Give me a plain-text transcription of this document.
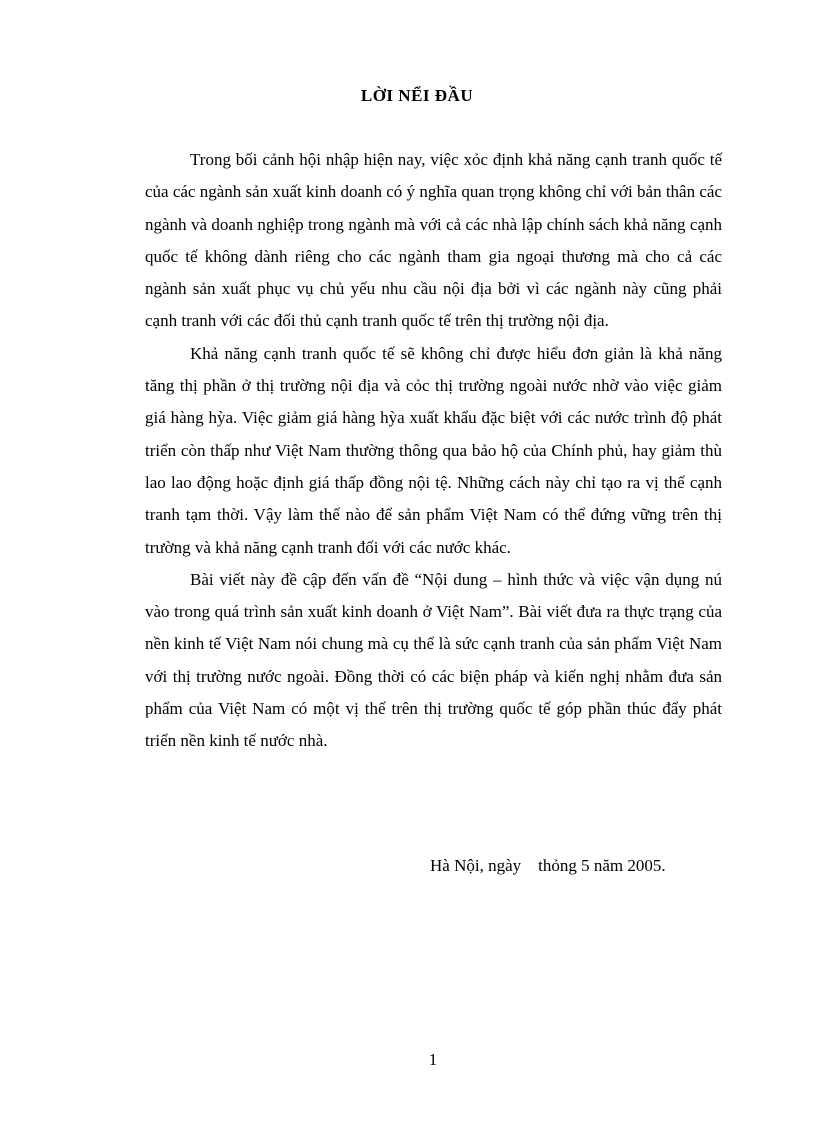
LỜI NỂI ĐẦU

Trong bối cảnh hội nhập hiện nay, việc xỏc định khả năng cạnh tranh quốc tế của các ngành sản xuất kinh doanh có ý nghĩa quan trọng không chỉ với bản thân các ngành và doanh nghiệp trong ngành mà với cả các nhà lập chính sách khả năng cạnh quốc tế không dành riêng cho các ngành tham gia ngoại thương mà cho cả các ngành sản xuất phục vụ chủ yếu nhu cầu nội địa bởi vì các ngành này cũng phải cạnh tranh với các đối thủ cạnh tranh quốc tế trên thị trường nội địa.

Khả năng cạnh tranh quốc tế sẽ không chỉ được hiểu đơn giản là khả năng tăng thị phần ở thị trường nội địa và cỏc thị trường ngoài nước nhờ vào việc giảm giá hàng hỳa. Việc giảm giá hàng hỳa xuất khẩu đặc biệt với các nước trình độ phát triển còn thấp như Việt Nam thường thông qua bảo hộ của Chính phủ, hay giảm thù lao lao động hoặc định giá thấp đồng nội tệ. Những cách này chỉ tạo ra vị thế cạnh tranh tạm thời. Vậy làm thế nào để sản phẩm Việt Nam có thể đứng vững trên thị trường và khả năng cạnh tranh đối với các nước khác.

Bài viết này đề cập đến vấn đề “Nội dung – hình thức và việc vận dụng nú vào trong quá trình sản xuất kinh doanh ở Việt Nam”. Bài viết đưa ra thực trạng của nền kinh tế Việt Nam nói chung mà cụ thể là sức cạnh tranh của sản phẩm Việt Nam với thị trường nước ngoài. Đồng thời có các biện pháp và kiến nghị nhằm đưa sản phẩm của Việt Nam có một vị thế trên thị trường quốc tế góp phần thúc đẩy phát triển nền kinh tế nước nhà.

Hà Nội, ngày    thỏng 5 năm 2005.

1
